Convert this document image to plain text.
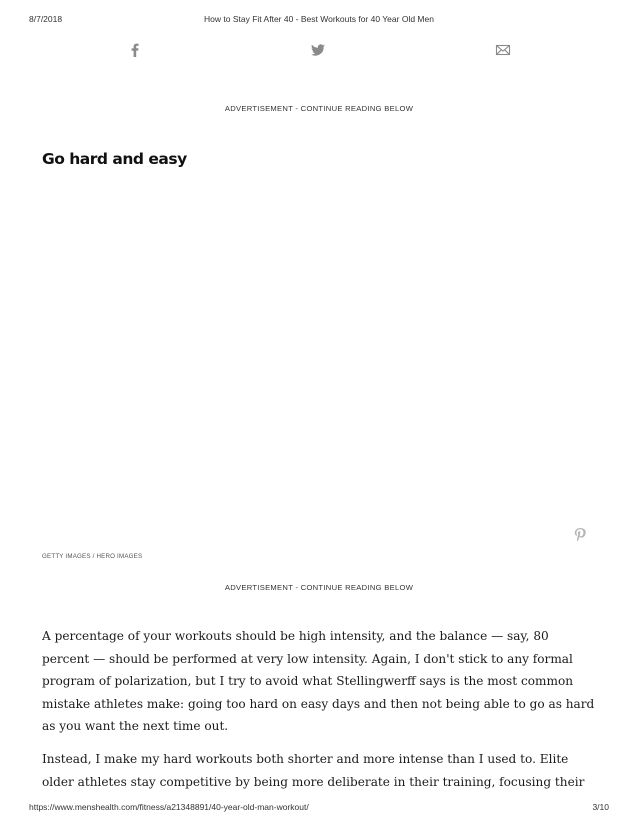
8/7/2018	How to Stay Fit After 40 - Best Workouts for 40 Year Old Men
ADVERTISEMENT - CONTINUE READING BELOW
Go hard and easy
GETTY IMAGES / HERO IMAGES
ADVERTISEMENT - CONTINUE READING BELOW

A percentage of your workouts should be high intensity, and the balance — say, 80 percent — should be performed at very low intensity. Again, I don't stick to any formal program of polarization, but I try to avoid what Stellingwerff says is the most common mistake athletes make: going too hard on easy days and then not being able to go as hard as you want the next time out.

Instead, I make my hard workouts both shorter and more intense than I used to. Elite older athletes stay competitive by being more deliberate in their training, focusing their

https://www.menshealth.com/fitness/a21348891/40-year-old-man-workout/	3/10
